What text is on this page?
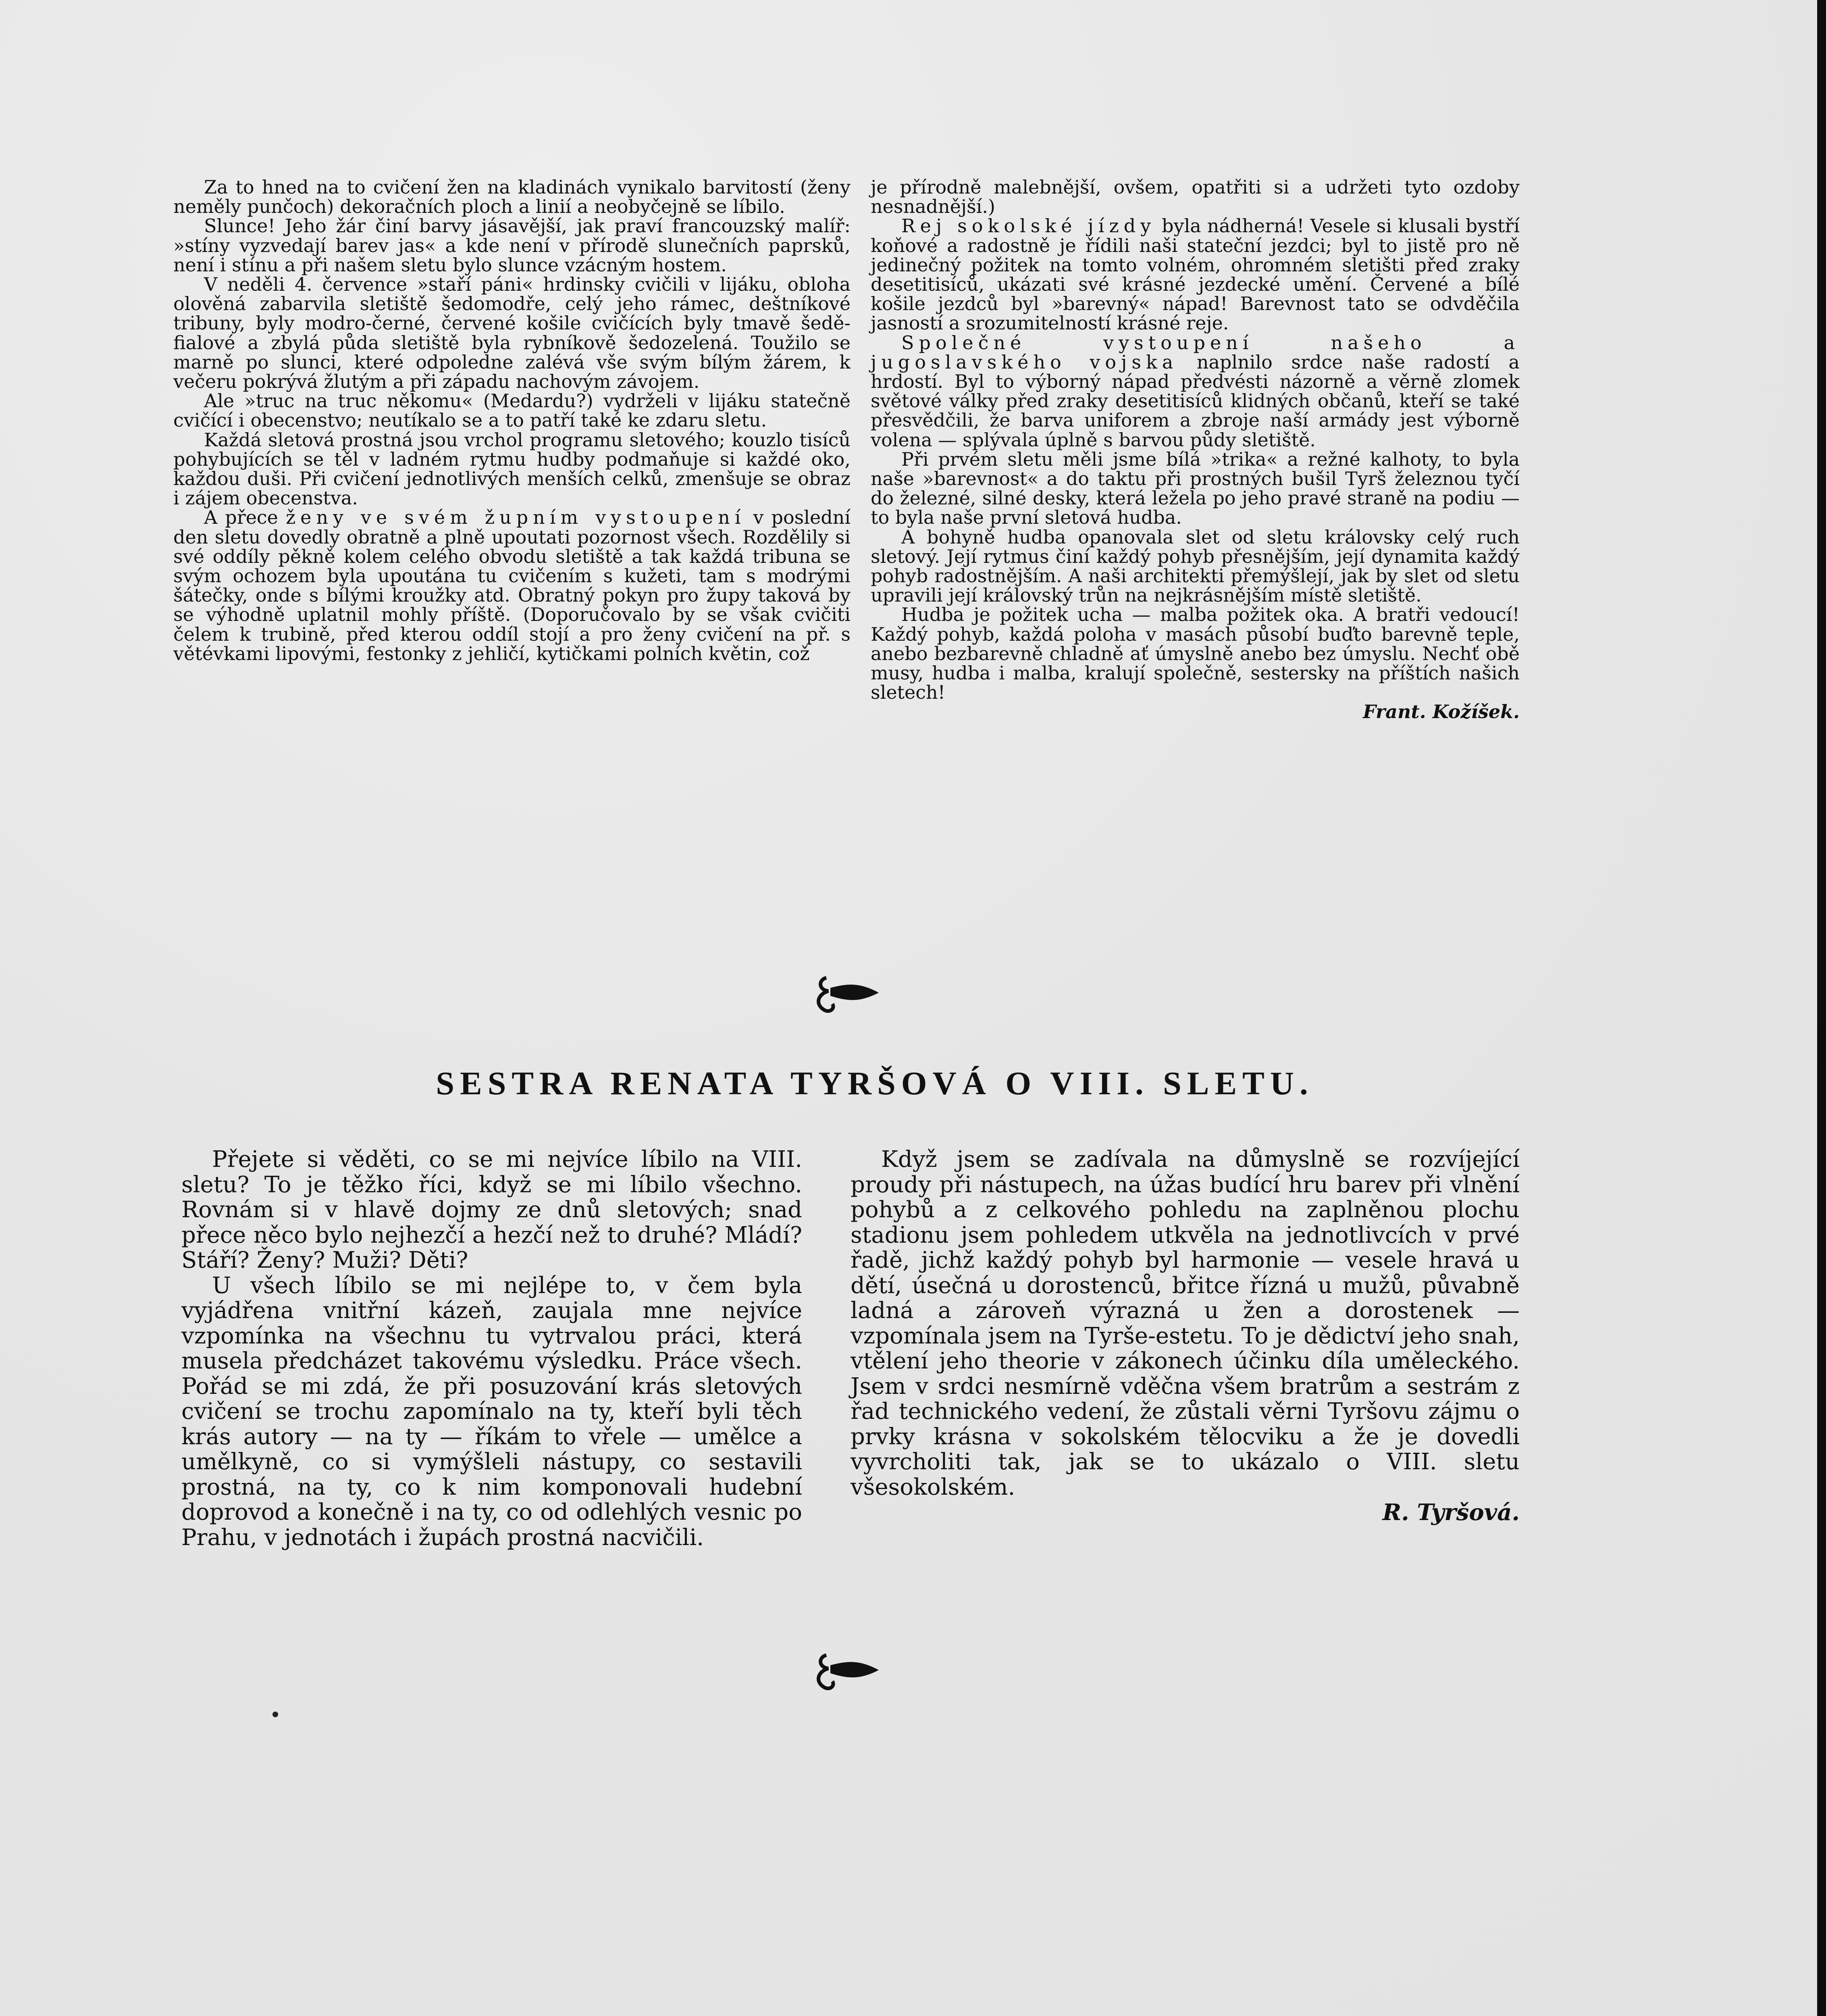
Za to hned na to cvičení žen na kladinách vynikalo barvitostí (ženy neměly punčoch) dekoračních ploch a linií a neobyčejně se líbilo.

Slunce! Jeho žár činí barvy jásavější, jak praví francouzský malíř: »stíny vyzvedají barev jas« a kde není v přírodě slunečních paprsků, není i stínu a při našem sletu bylo slunce vzácným hostem.

V neděli 4. července »staří páni« hrdinsky cvičili v lijáku, obloha olověná zabarvila sletiště šedomodře, celý jeho rámec, deštníkové tribuny, byly modro-černé, červené košile cvičících byly tmavě šedě-fialové a zbylá půda sletiště byla rybníkově šedozelená. Toužilo se marně po slunci, které odpoledne zalévá vše svým bílým žárem, k večeru pokrývá žlutým a při západu nachovým závojem.

Ale »truc na truc někomu« (Medardu?) vydrželi v lijáku statečně cvičící i obecenstvo; neutíkalo se a to patří také ke zdaru sletu.

Každá sletová prostná jsou vrchol programu sletového; kouzlo tisíců pohybujících se těl v ladném rytmu hudby podmaňuje si každé oko, každou duši. Při cvičení jednotlivých menších celků, zmenšuje se obraz i zájem obecenstva.

A přece ženy ve svém župním vystoupení v poslední den sletu dovedly obratně a plně upoutati pozornost všech. Rozdělily si své oddíly pěkně kolem celého obvodu sletiště a tak každá tribuna se svým ochozem byla upoutána tu cvičením s kužeti, tam s modrými šátečky, onde s bílými kroužky atd. Obratný pokyn pro župy taková by se výhodně uplatnil mohly příště. (Doporučovalo by se však cvičiti čelem k trubině, před kterou oddíl stojí a pro ženy cvičení na př. s větévkami lipovými, festonky z jehličí, kytičkami polních květin, což

je přírodně malebnější, ovšem, opatřiti si a udržeti tyto ozdoby nesnadnější.)

Rej sokolské jízdy byla nádherná! Vesele si klusali bystří koňové a radostně je řídili naši stateční jezdci; byl to jistě pro ně jedinečný požitek na tomto volném, ohromném sletišti před zraky desetitisíců, ukázati své krásné jezdecké umění. Červené a bílé košile jezdců byl »barevný« nápad! Barevnost tato se odvděčila jasností a srozumitelností krásné reje.

Společné vystoupení našeho a jugoslavského vojska naplnilo srdce naše radostí a hrdostí. Byl to výborný nápad předvésti názorně a věrně zlomek světové války před zraky desetitisíců klidných občanů, kteří se také přesvědčili, že barva uniforem a zbroje naší armády jest výborně volena — splývala úplně s barvou půdy sletiště.

Při prvém sletu měli jsme bílá »trika« a režné kalhoty, to byla naše »barevnost« a do taktu při prostných bušil Tyrš železnou tyčí do železné, silné desky, která ležela po jeho pravé straně na podiu — to byla naše první sletová hudba.

A bohyně hudba opanovala slet od sletu královsky celý ruch sletový. Její rytmus činí každý pohyb přesnějším, její dynamita každý pohyb radostnějším. A naši architekti přemýšlejí, jak by slet od sletu upravili její královský trůn na nejkrásnějším místě sletiště.

Hudba je požitek ucha — malba požitek oka. A bratři vedoucí! Každý pohyb, každá poloha v masách působí buďto barevně teple, anebo bezbarevně chladně ať úmyslně anebo bez úmyslu. Nechť obě musy, hudba i malba, kralují společně, sestersky na příštích našich sletech!

Frant. Kožíšek.

SESTRA RENATA TYRŠOVÁ O VIII. SLETU.

Přejete si věděti, co se mi nejvíce líbilo na VIII. sletu? To je těžko říci, když se mi líbilo všechno. Rovnám si v hlavě dojmy ze dnů sletových; snad přece něco bylo nejhezčí a hezčí než to druhé? Mládí? Stáří? Ženy? Muži? Děti?

U všech líbilo se mi nejlépe to, v čem byla vyjádřena vnitřní kázeň, zaujala mne nejvíce vzpomínka na všechnu tu vytrvalou práci, která musela předcházet takovému výsledku. Práce všech. Pořád se mi zdá, že při posuzování krás sletových cvičení se trochu zapomínalo na ty, kteří byli těch krás autory — na ty — říkám to vřele — umělce a umělkyně, co si vymýšleli nástupy, co sestavili prostná, na ty, co k nim komponovali hudební doprovod a konečně i na ty, co od odlehlých vesnic po Prahu, v jednotách i župách prostná nacvičili.

Když jsem se zadívala na důmyslně se rozvíjející proudy při nástupech, na úžas budící hru barev při vlnění pohybů a z celkového pohledu na zaplněnou plochu stadionu jsem pohledem utkvěla na jednotlivcích v prvé řadě, jichž každý pohyb byl harmonie — vesele hravá u dětí, úsečná u dorostenců, břitce řízná u mužů, půvabně ladná a zároveň výrazná u žen a dorostenek — vzpomínala jsem na Tyrše-estetu. To je dědictví jeho snah, vtělení jeho theorie v zákonech účinku díla uměleckého. Jsem v srdci nesmírně vděčna všem bratrům a sestrám z řad technického vedení, že zůstali věrni Tyršovu zájmu o prvky krásna v sokolském tělocviku a že je dovedli vyvrcholiti tak, jak se to ukázalo o VIII. sletu všesokolském.

R. Tyršová.
